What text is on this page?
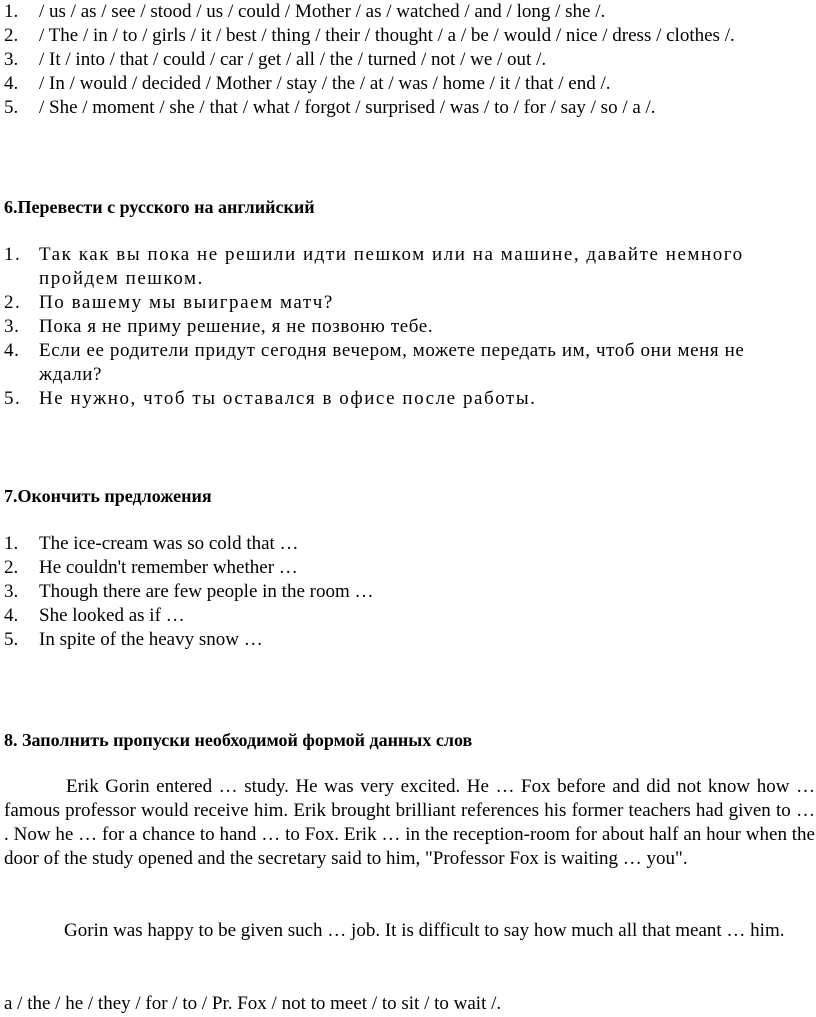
1. / us / as / see / stood / us / could / Mother / as / watched / and / long / she /.
2. / The / in / to / girls / it / best / thing / their / thought / a / be / would / nice / dress / clothes /.
3. / It / into / that / could / car / get / all / the / turned / not / we / out /.
4. / In / would / decided / Mother / stay / the / at / was / home / it / that / end /.
5. / She / moment / she / that / what / forgot / surprised / was / to / for / say / so / a /.
6.Перевести с русского на английский
1. Так как вы пока не решили идти пешком или на машине, давайте немного пройдем пешком.
2. По вашему мы выиграем матч?
3. Пока я не приму решение, я не позвоню тебе.
4. Если ее родители придут сегодня вечером, можете передать им, чтоб они меня не ждали?
5. Не нужно, чтоб ты оставался в офисе после работы.
7.Окончить предложения
1. The ice-cream was so cold that …
2. He couldn't remember whether …
3. Though there are few people in the room …
4. She looked as if …
5. In spite of the heavy snow …
8. Заполнить пропуски необходимой формой данных слов

Erik Gorin entered … study. He was very excited. He … Fox before and did not know how … famous professor would receive him. Erik brought brilliant references his former teachers had given to … . Now he … for a chance to hand … to Fox. Erik … in the reception-room for about half an hour when the door of the study opened and the secretary said to him, "Professor Fox is waiting … you".

Gorin was happy to be given such … job. It is difficult to say how much all that meant … him.

a / the / he / they / for / to / Pr. Fox / not to meet / to sit / to wait /.
